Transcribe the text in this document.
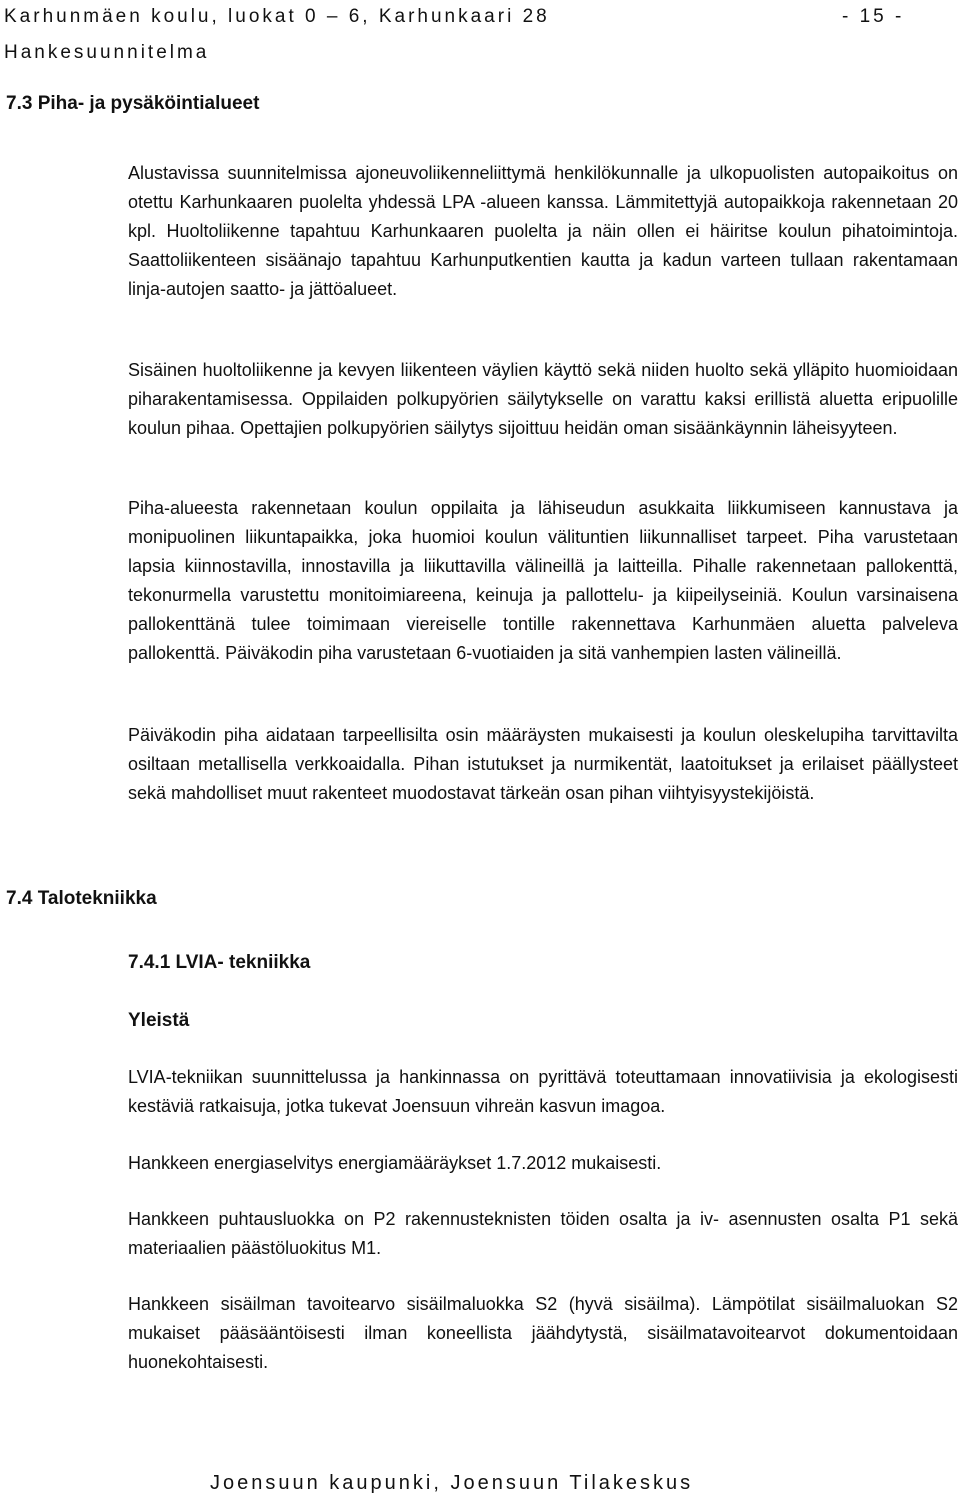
Karhunmäen koulu, luokat 0 – 6, Karhunkaari 28	- 15 -
Hankesuunnitelma
7.3 Piha- ja pysäköintialueet

Alustavissa suunnitelmissa ajoneuvoliikenneliittymä henkilökunnalle ja ulkopuolisten autopaikoitus on otettu Karhunkaaren puolelta yhdessä LPA -alueen kanssa. Lämmitettyjä autopaikkoja rakennetaan 20 kpl. Huoltoliikenne tapahtuu Karhunkaaren puolelta ja näin ollen ei häiritse koulun pihatoimintoja. Saattoliikenteen sisäänajo tapahtuu Karhunputkentien kautta ja kadun varteen tullaan rakentamaan linja-autojen saatto- ja jättöalueet.

Sisäinen huoltoliikenne ja kevyen liikenteen väylien käyttö sekä niiden huolto sekä ylläpito huomioidaan piharakentamisessa. Oppilaiden polkupyörien säilytykselle on varattu kaksi erillistä aluetta eripuolille koulun pihaa. Opettajien polkupyörien säilytys sijoittuu heidän oman sisäänkäynnin läheisyyteen.

Piha-alueesta rakennetaan koulun oppilaita ja lähiseudun asukkaita liikkumiseen kannustava ja monipuolinen liikuntapaikka, joka huomioi koulun välituntien liikunnalliset tarpeet. Piha varustetaan lapsia kiinnostavilla, innostavilla ja liikuttavilla välineillä ja laitteilla. Pihalle rakennetaan pallokenttä, tekonurmella varustettu monitoimiareena, keinuja ja pallottelu- ja kiipeilyseiniä. Koulun varsinaisena pallokenttänä tulee toimimaan viereiselle tontille rakennettava Karhunmäen aluetta palveleva pallokenttä. Päiväkodin piha varustetaan 6-vuotiaiden ja sitä vanhempien lasten välineillä.

Päiväkodin piha aidataan tarpeellisilta osin määräysten mukaisesti ja koulun oleskelupiha tarvittavilta osiltaan metallisella verkkoaidalla. Pihan istutukset ja nurmikentät, laatoitukset ja erilaiset päällysteet sekä mahdolliset muut rakenteet muodostavat tärkeän osan pihan viihtyisyystekijöistä.

7.4 Talotekniikka
7.4.1 LVIA- tekniikka
Yleistä

LVIA-tekniikan suunnittelussa ja hankinnassa on pyrittävä toteuttamaan innovatiivisia ja ekologisesti kestäviä ratkaisuja, jotka tukevat Joensuun vihreän kasvun imagoa.

Hankkeen energiaselvitys energiamääräykset 1.7.2012 mukaisesti.

Hankkeen puhtausluokka on P2 rakennusteknisten töiden osalta ja iv- asennusten osalta P1 sekä materiaalien päästöluokitus M1.

Hankkeen sisäilman tavoitearvo sisäilmaluokka S2 (hyvä sisäilma). Lämpötilat sisäilmaluokan S2 mukaiset pääsääntöisesti ilman koneellista jäähdytystä, sisäilmatavoitearvot dokumentoidaan huonekohtaisesti.

Joensuun kaupunki, Joensuun Tilakeskus
